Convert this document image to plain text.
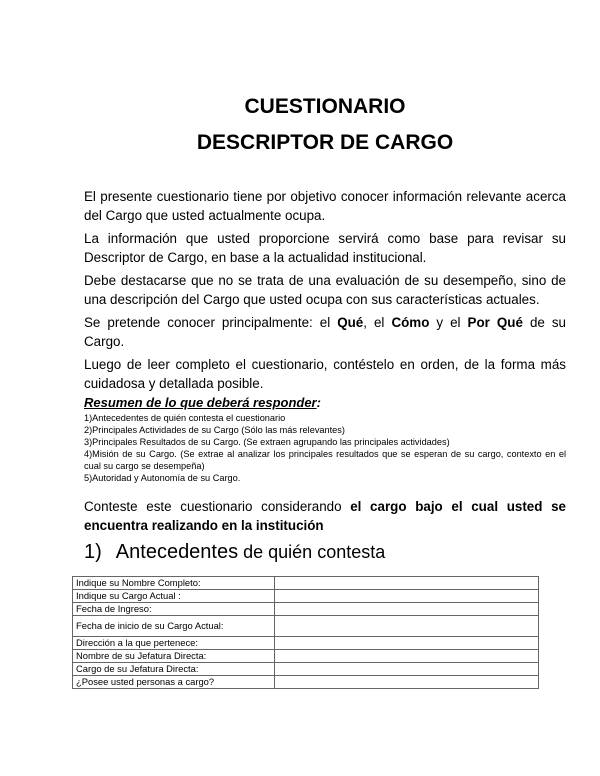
CUESTIONARIO
DESCRIPTOR DE CARGO

El presente cuestionario tiene por objetivo conocer información relevante acerca del Cargo que usted actualmente ocupa.

La información que usted proporcione servirá como base para revisar su Descriptor de Cargo, en base a la actualidad institucional.

Debe destacarse que no se trata de una evaluación de su desempeño, sino de una descripción del Cargo que usted ocupa con sus características actuales.

Se pretende conocer principalmente: el Qué, el Cómo y el Por Qué de su Cargo.

Luego de leer completo el cuestionario, contéstelo en orden, de la forma más cuidadosa y detallada posible.

Resumen de lo que deberá responder:
1)Antecedentes de quién contesta el cuestionario
2)Principales Actividades de su Cargo (Sólo las más relevantes)
3)Principales Resultados de su Cargo. (Se extraen agrupando las principales actividades)
4)Misión de su Cargo. (Se extrae al analizar los principales resultados que se esperan de su cargo, contexto en el cual su cargo se desempeña)
5)Autoridad y Autonomía de su Cargo.

Conteste este cuestionario considerando el cargo bajo el cual usted se encuentra realizando en la institución

1) Antecedentes de quién contesta
Indique su Nombre Completo:	
Indique su Cargo Actual :	
Fecha de Ingreso:	
Fecha de inicio de su Cargo Actual:	
Dirección a la que pertenece:	
Nombre de su Jefatura Directa:	
Cargo de su Jefatura Directa:	
¿Posee usted personas a cargo?	
